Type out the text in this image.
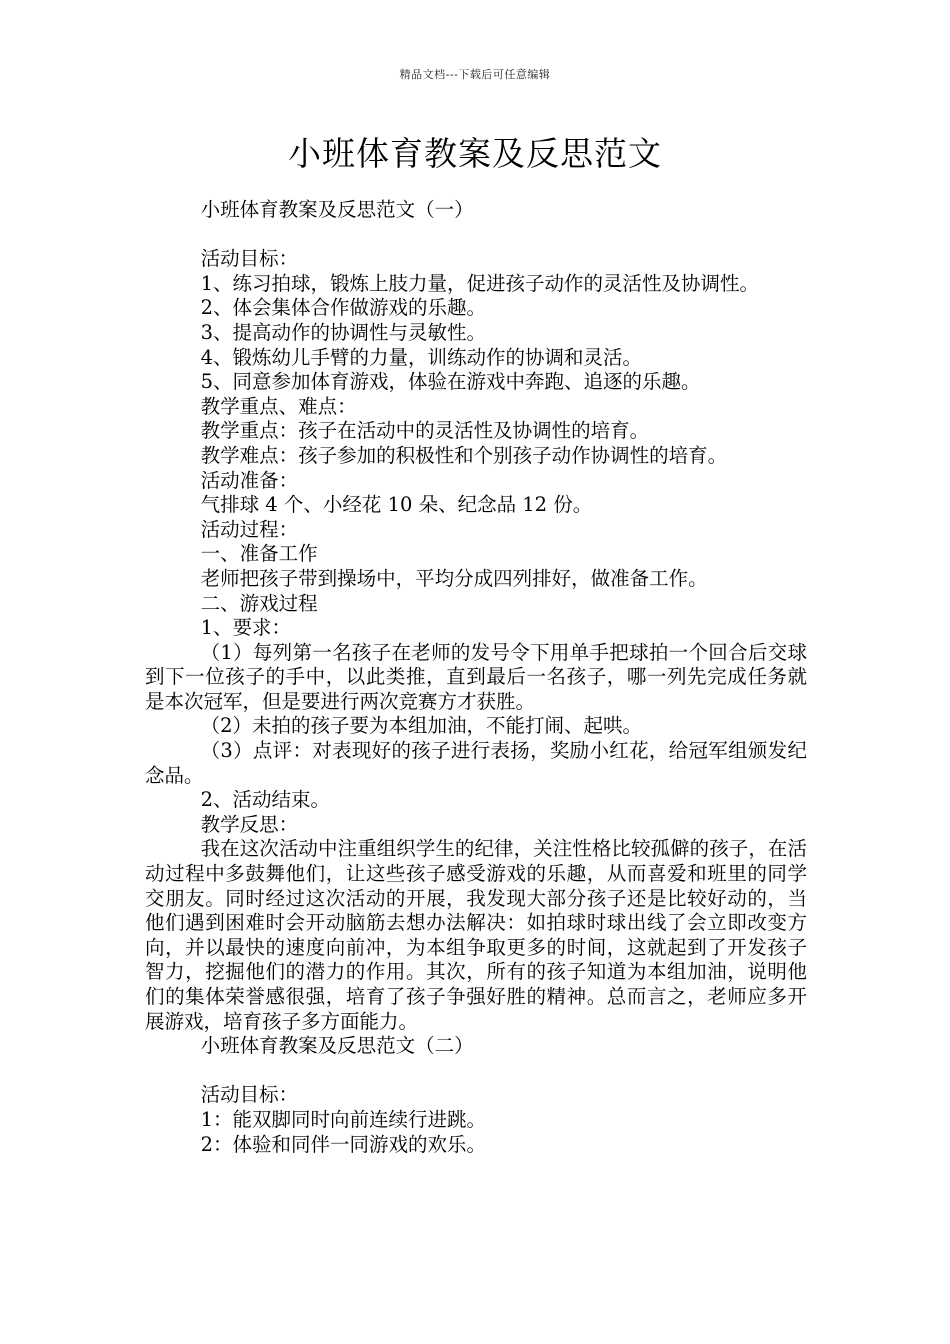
精品文档---下载后可任意编辑
小班体育教案及反思范文

小班体育教案及反思范文（一）

活动目标：

1、练习拍球，锻炼上肢力量，促进孩子动作的灵活性及协调性。

2、体会集体合作做游戏的乐趣。

3、提高动作的协调性与灵敏性。

4、锻炼幼儿手臂的力量，训练动作的协调和灵活。

5、同意参加体育游戏，体验在游戏中奔跑、追逐的乐趣。

教学重点、难点：

教学重点：孩子在活动中的灵活性及协调性的培育。

教学难点：孩子参加的积极性和个别孩子动作协调性的培育。

活动准备：

气排球 4 个、小经花 10 朵、纪念品 12 份。

活动过程：

一、准备工作

老师把孩子带到操场中，平均分成四列排好，做准备工作。

二、游戏过程

1、要求：

（1）每列第一名孩子在老师的发号令下用单手把球拍一个回合后交球到下一位孩子的手中，以此类推，直到最后一名孩子，哪一列先完成任务就是本次冠军，但是要进行两次竞赛方才获胜。

（2）未拍的孩子要为本组加油，不能打闹、起哄。

（3）点评：对表现好的孩子进行表扬，奖励小红花，给冠军组颁发纪念品。

2、活动结束。

教学反思：

我在这次活动中注重组织学生的纪律，关注性格比较孤僻的孩子，在活动过程中多鼓舞他们，让这些孩子感受游戏的乐趣，从而喜爱和班里的同学交朋友。同时经过这次活动的开展，我发现大部分孩子还是比较好动的，当他们遇到困难时会开动脑筋去想办法解决：如拍球时球出线了会立即改变方向，并以最快的速度向前冲，为本组争取更多的时间，这就起到了开发孩子智力，挖掘他们的潜力的作用。其次，所有的孩子知道为本组加油，说明他们的集体荣誉感很强，培育了孩子争强好胜的精神。总而言之，老师应多开展游戏，培育孩子多方面能力。

小班体育教案及反思范文（二）

活动目标：

1：能双脚同时向前连续行进跳。

2：体验和同伴一同游戏的欢乐。
